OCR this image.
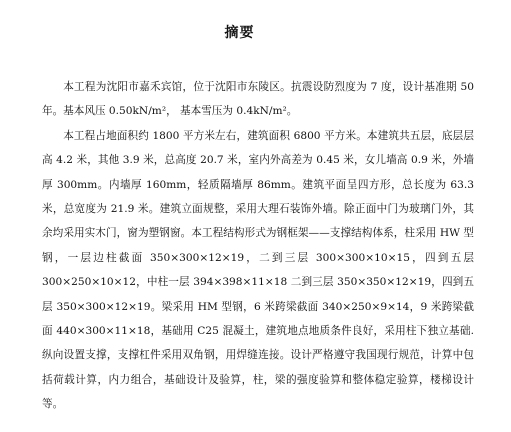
摘要

本工程为沈阳市嘉禾宾馆，位于沈阳市东陵区。抗震设防烈度为 7 度，设计基准期 50 年。基本风压 0.50kN/m²， 基本雪压为 0.4kN/m²。

本工程占地面积约 1800 平方米左右，建筑面积 6800 平方米。本建筑共五层，底层层高 4.2 米，其他 3.9 米，总高度 20.7 米，室内外高差为 0.45 米，女儿墙高 0.9 米，外墙厚 300mm。内墙厚 160mm，轻质隔墙厚 86mm。建筑平面呈四方形，总长度为 63.3 米，总宽度为 21.9 米。建筑立面规整，采用大理石装饰外墙。除正面中门为玻璃门外，其余均采用实木门，窗为塑钢窗。本工程结构形式为钢框架——支撑结构体系，柱采用 HW 型钢，一层边柱截面 350×300×12×19，二到三层 300×300×10×15，四到五层 300×250×10×12，中柱一层 394×398×11×18 二到三层 350×350×12×19，四到五层 350×300×12×19。梁采用 HM 型钢，6 米跨梁截面 340×250×9×14，9 米跨梁截面 440×300×11×18，基础用 C25 混凝土，建筑地点地质条件良好，采用柱下独立基础. 纵向设置支撑，支撑杠件采用双角钢，用焊缝连接。设计严格遵守我国现行规范，计算中包括荷载计算，内力组合，基础设计及验算，柱，梁的强度验算和整体稳定验算，楼梯设计等。
